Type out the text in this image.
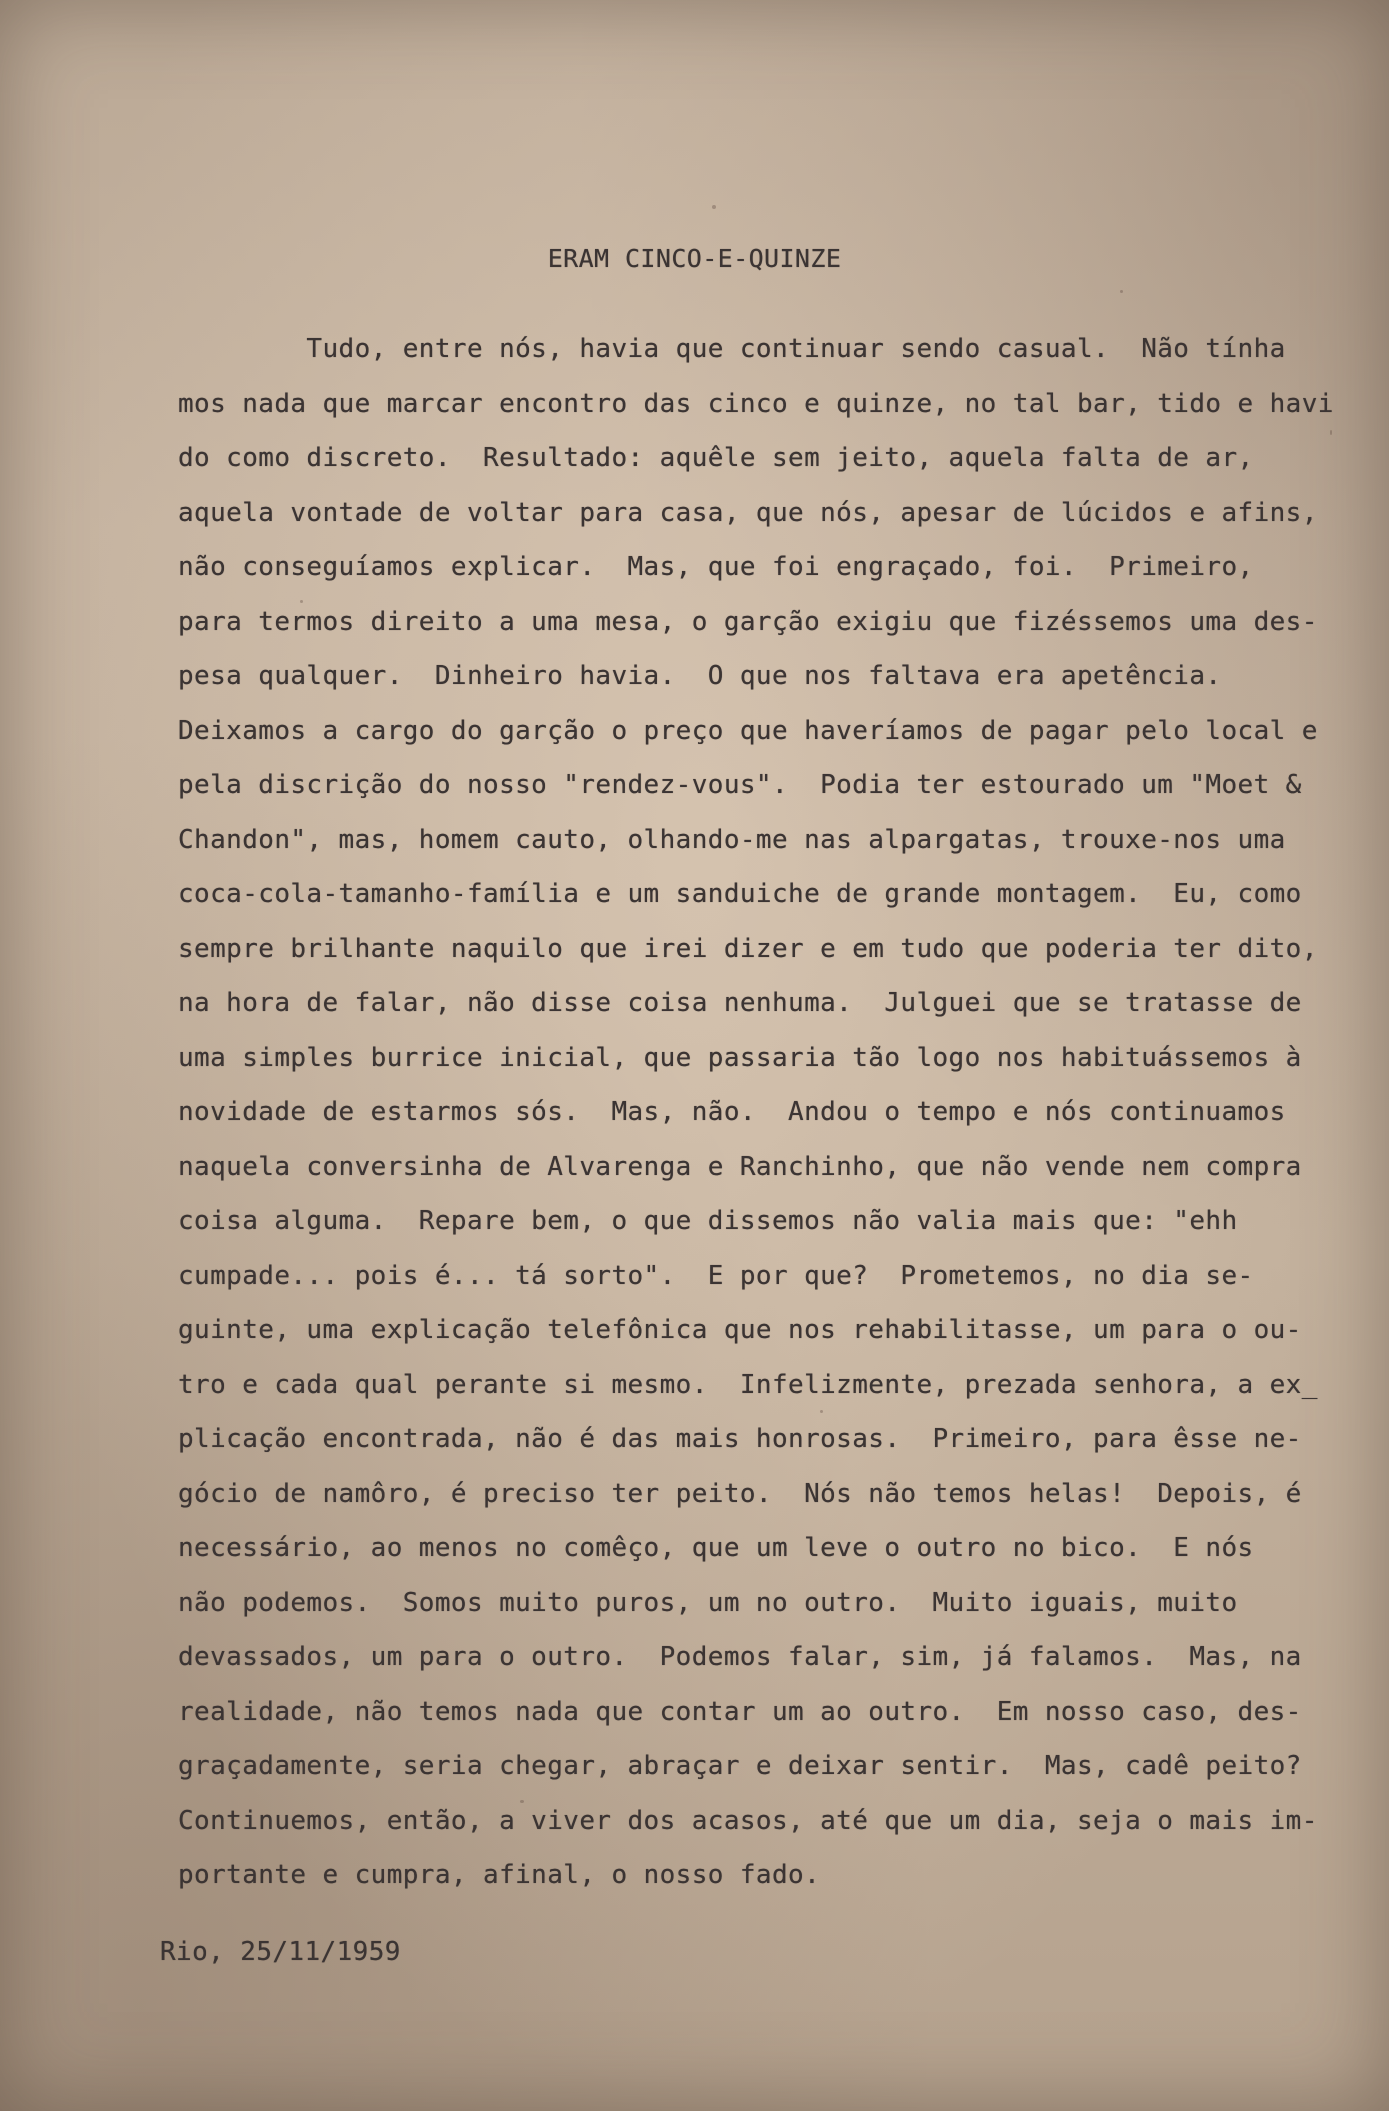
ERAM CINCO-E-QUINZE
Tudo, entre nós, havia que continuar sendo casual.  Não tínha
mos nada que marcar encontro das cinco e quinze, no tal bar, tido e havi
do como discreto.  Resultado: aquêle sem jeito, aquela falta de ar,
aquela vontade de voltar para casa, que nós, apesar de lúcidos e afins,
não conseguíamos explicar.  Mas, que foi engraçado, foi.  Primeiro,
para termos direito a uma mesa, o garção exigiu que fizéssemos uma des-
pesa qualquer.  Dinheiro havia.  O que nos faltava era apetência.
Deixamos a cargo do garção o preço que haveríamos de pagar pelo local e
pela discrição do nosso "rendez-vous".  Podia ter estourado um "Moet &
Chandon", mas, homem cauto, olhando-me nas alpargatas, trouxe-nos uma
coca-cola-tamanho-família e um sanduiche de grande montagem.  Eu, como
sempre brilhante naquilo que irei dizer e em tudo que poderia ter dito,
na hora de falar, não disse coisa nenhuma.  Julguei que se tratasse de
uma simples burrice inicial, que passaria tão logo nos habituássemos à
novidade de estarmos sós.  Mas, não.  Andou o tempo e nós continuamos
naquela conversinha de Alvarenga e Ranchinho, que não vende nem compra
coisa alguma.  Repare bem, o que dissemos não valia mais que: "ehh
cumpade... pois é... tá sorto".  E por que?  Prometemos, no dia se-
guinte, uma explicação telefônica que nos rehabilitasse, um para o ou-
tro e cada qual perante si mesmo.  Infelizmente, prezada senhora, a ex_
plicação encontrada, não é das mais honrosas.  Primeiro, para êsse ne-
gócio de namôro, é preciso ter peito.  Nós não temos helas!  Depois, é
necessário, ao menos no comêço, que um leve o outro no bico.  E nós
não podemos.  Somos muito puros, um no outro.  Muito iguais, muito
devassados, um para o outro.  Podemos falar, sim, já falamos.  Mas, na
realidade, não temos nada que contar um ao outro.  Em nosso caso, des-
graçadamente, seria chegar, abraçar e deixar sentir.  Mas, cadê peito?
Continuemos, então, a viver dos acasos, até que um dia, seja o mais im-
portante e cumpra, afinal, o nosso fado.
Rio, 25/11/1959
